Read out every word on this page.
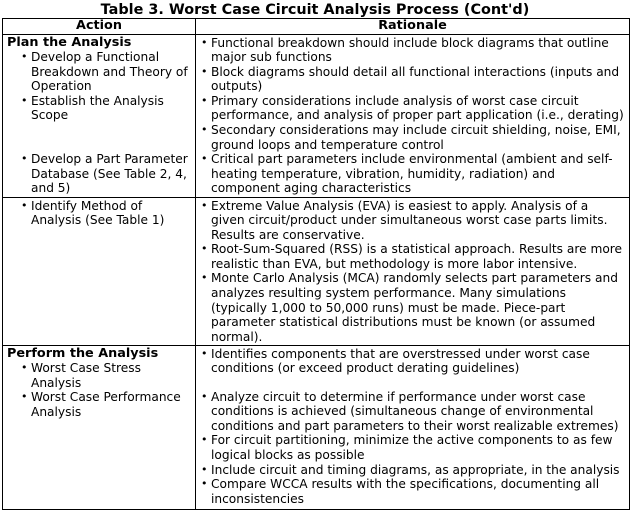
Table 3. Worst Case Circuit Analysis Process (Cont'd)
Action	Rationale

Plan the Analysis
• Develop a Functional Breakdown and Theory of Operation
• Establish the Analysis Scope
• Develop a Part Parameter Database (See Table 2, 4, and 5)

• Functional breakdown should include block diagrams that outline major sub functions
• Block diagrams should detail all functional interactions (inputs and outputs)
• Primary considerations include analysis of worst case circuit performance, and analysis of proper part application (i.e., derating)
• Secondary considerations may include circuit shielding, noise, EMI, ground loops and temperature control
• Critical part parameters include environmental (ambient and self-heating temperature, vibration, humidity, radiation) and component aging characteristics

• Identify Method of Analysis (See Table 1)

• Extreme Value Analysis (EVA) is easiest to apply. Analysis of a given circuit/product under simultaneous worst case parts limits. Results are conservative.
• Root-Sum-Squared (RSS) is a statistical approach. Results are more realistic than EVA, but methodology is more labor intensive.
• Monte Carlo Analysis (MCA) randomly selects part parameters and analyzes resulting system performance. Many simulations (typically 1,000 to 50,000 runs) must be made. Piece-part parameter statistical distributions must be known (or assumed normal).

Perform the Analysis
• Worst Case Stress Analysis
• Worst Case Performance Analysis

• Identifies components that are overstressed under worst case conditions (or exceed product derating guidelines)
• Analyze circuit to determine if performance under worst case conditions is achieved (simultaneous change of environmental conditions and part parameters to their worst realizable extremes)
• For circuit partitioning, minimize the active components to as few logical blocks as possible
• Include circuit and timing diagrams, as appropriate, in the analysis
• Compare WCCA results with the specifications, documenting all inconsistencies
